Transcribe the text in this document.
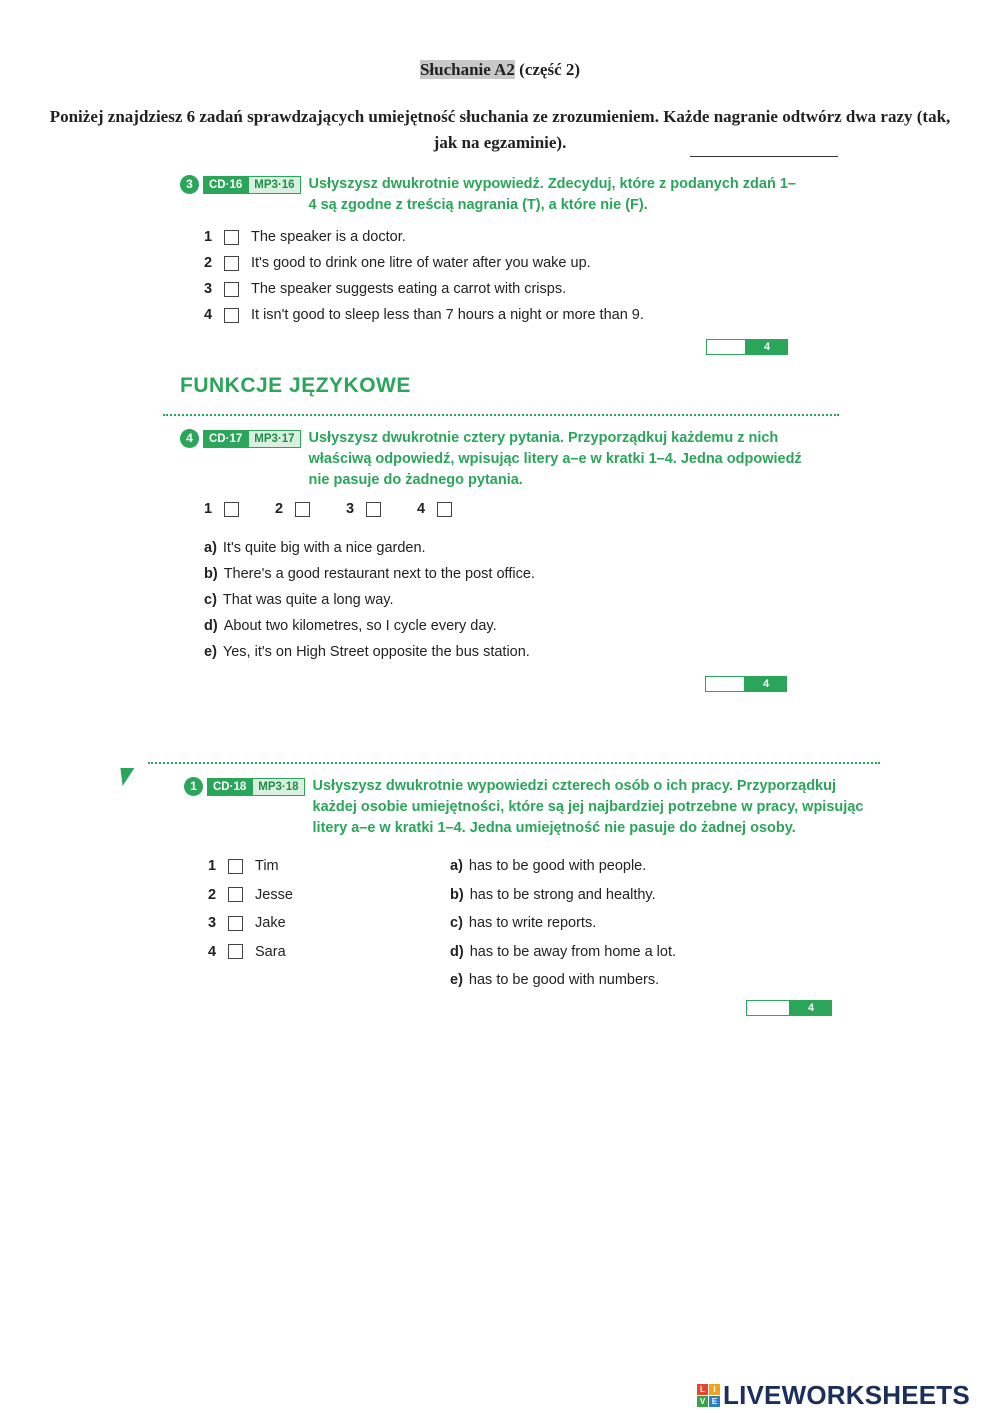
Słuchanie A2 (część 2)
Poniżej znajdziesz 6 zadań sprawdzających umiejętność słuchania ze zrozumieniem. Każde nagranie odtwórz dwa razy (tak, jak na egzaminie).
3	CD·16	MP3·16 Usłyszysz dwukrotnie wypowiedź. Zdecyduj, które z podanych zdań 1–4 są zgodne z treścią nagrania (T), a które nie (F).
1	The speaker is a doctor.
2	It's good to drink one litre of water after you wake up.
3	The speaker suggests eating a carrot with crisps.
4	It isn't good to sleep less than 7 hours a night or more than 9.
4
FUNKCJE JĘZYKOWE
4	CD·17	MP3·17 Usłyszysz dwukrotnie cztery pytania. Przyporządkuj każdemu z nich właściwą odpowiedź, wpisując litery a–e w kratki 1–4. Jedna odpowiedź nie pasuje do żadnego pytania.
1	2	3	4
a) It's quite big with a nice garden.
b) There's a good restaurant next to the post office.
c) That was quite a long way.
d) About two kilometres, so I cycle every day.
e) Yes, it's on High Street opposite the bus station.
4
1	CD·18	MP3·18 Usłyszysz dwukrotnie wypowiedzi czterech osób o ich pracy. Przyporządkuj każdej osobie umiejętności, które są jej najbardziej potrzebne w pracy, wpisując litery a–e w kratki 1–4. Jedna umiejętność nie pasuje do żadnej osoby.
1	Tim
2	Jesse
3	Jake
4	Sara
a) has to be good with people.
b) has to be strong and healthy.
c) has to write reports.
d) has to be away from home a lot.
e) has to be good with numbers.
4
L	I
V E LIVEWORKSHEETS
